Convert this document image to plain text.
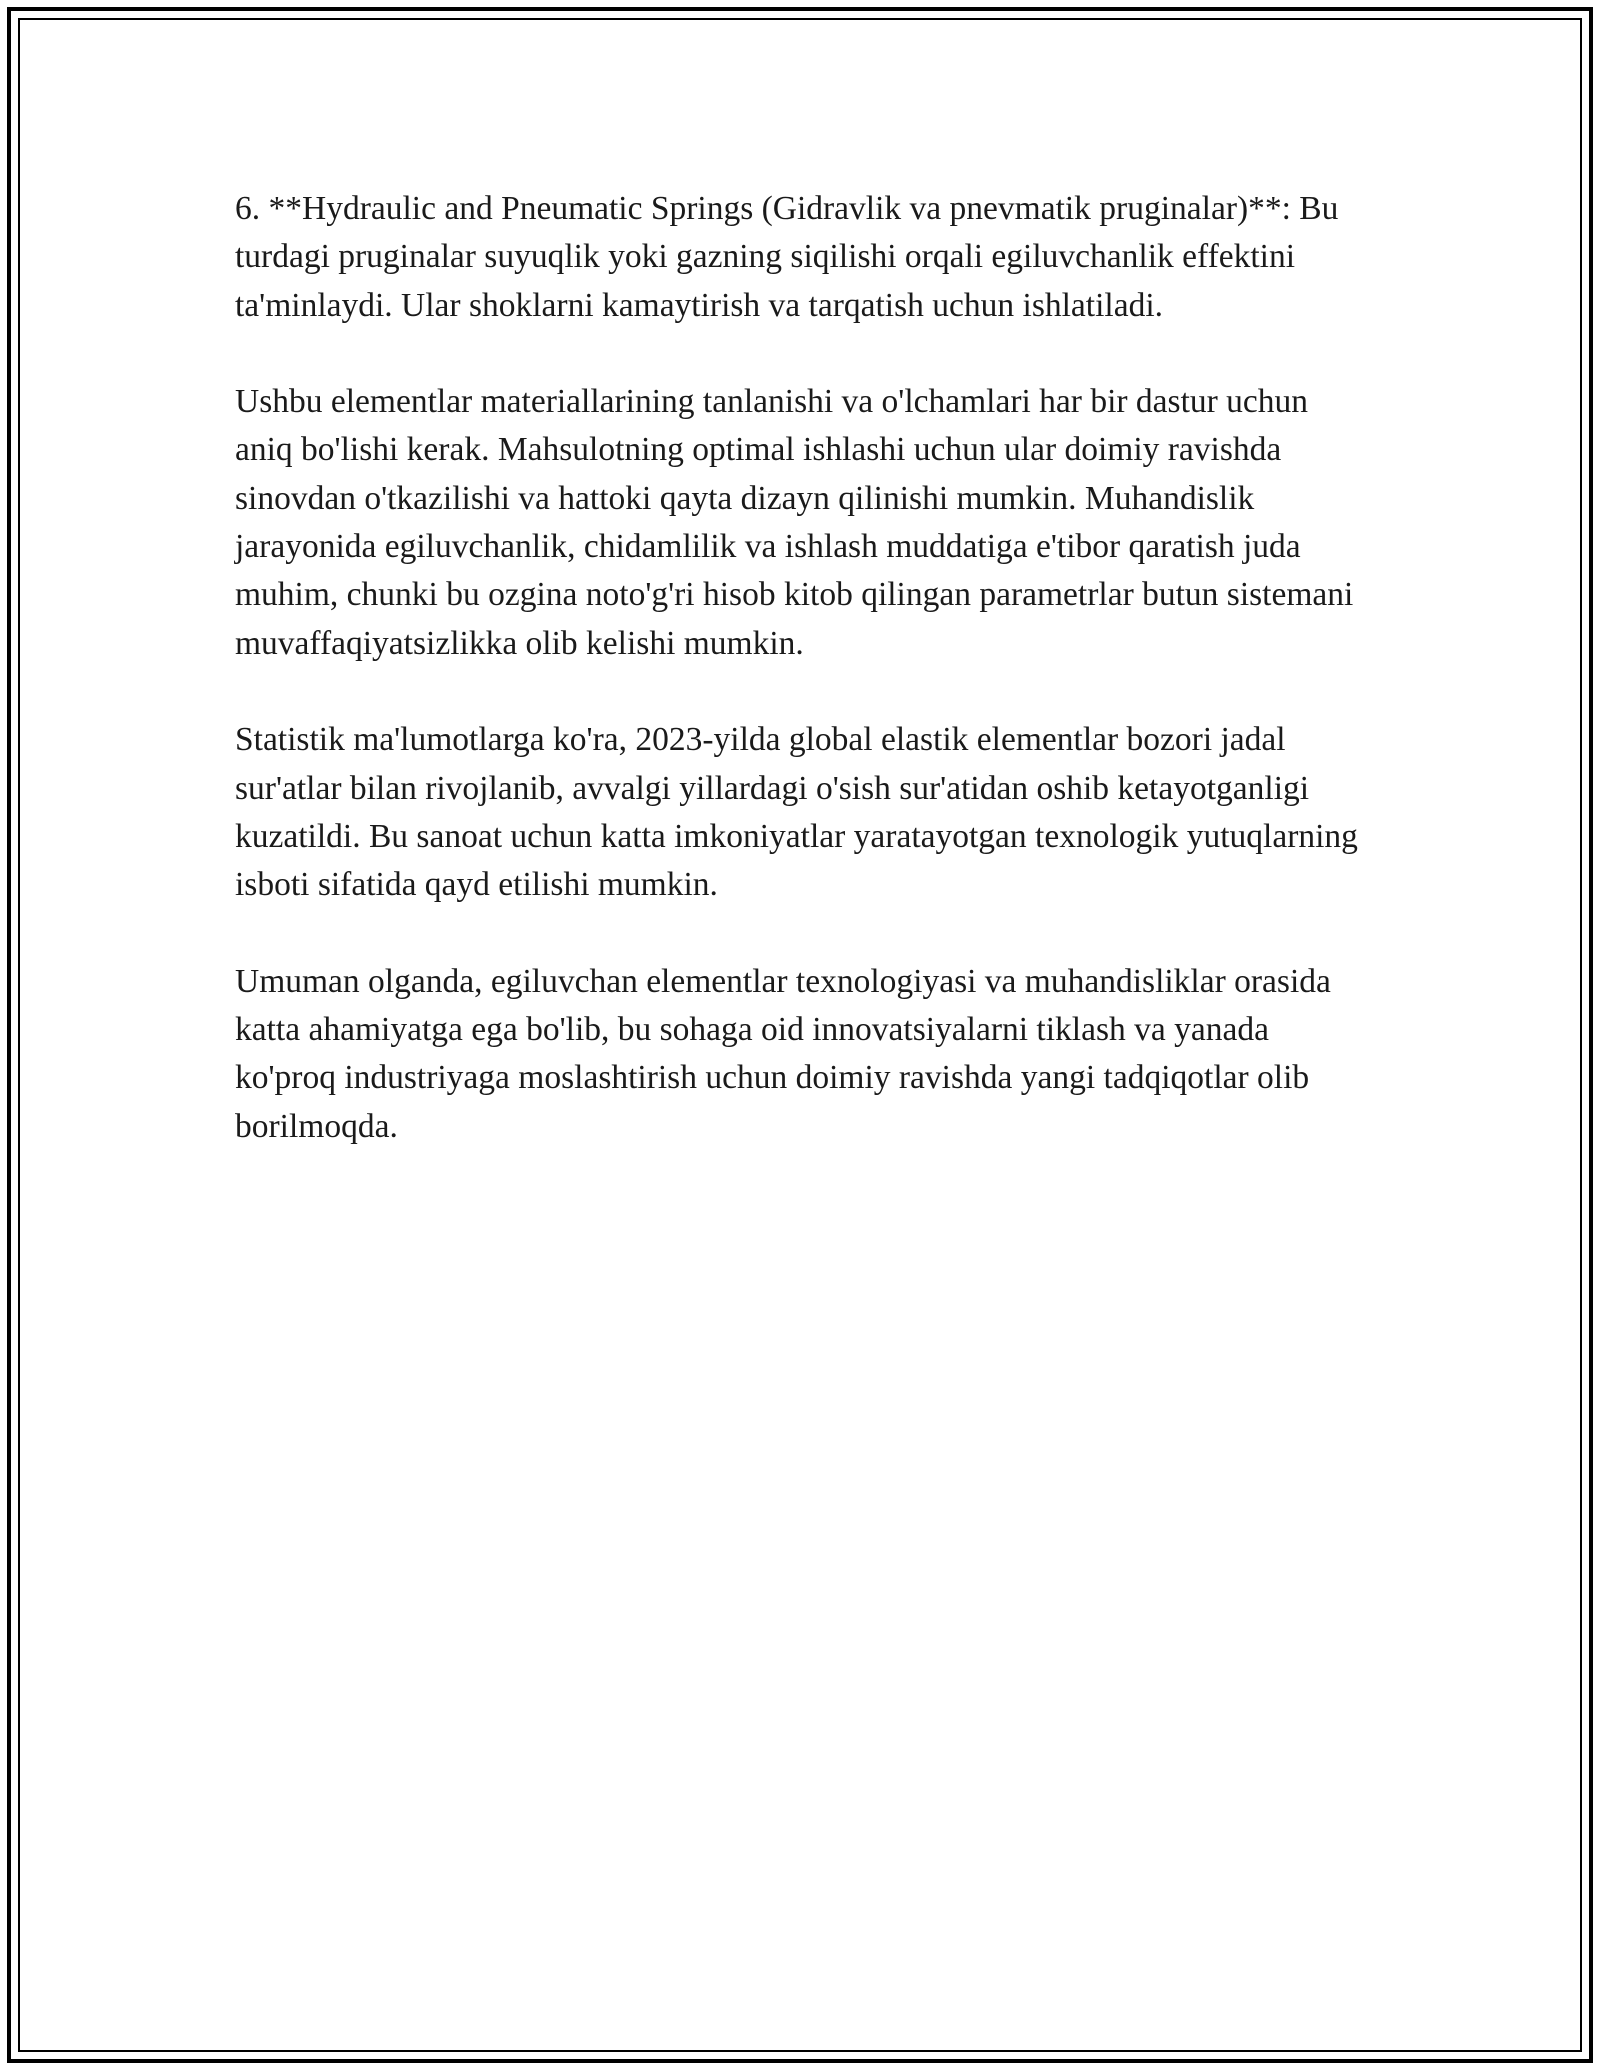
6. **Hydraulic and Pneumatic Springs (Gidravlik va pnevmatik pruginalar)**: Bu turdagi pruginalar suyuqlik yoki gazning siqilishi orqali egiluvchanlik effektini ta'minlaydi. Ular shoklarni kamaytirish va tarqatish uchun ishlatiladi.

Ushbu elementlar materiallarining tanlanishi va o'lchamlari har bir dastur uchun aniq bo'lishi kerak. Mahsulotning optimal ishlashi uchun ular doimiy ravishda sinovdan o'tkazilishi va hattoki qayta dizayn qilinishi mumkin. Muhandislik jarayonida egiluvchanlik, chidamlilik va ishlash muddatiga e'tibor qaratish juda muhim, chunki bu ozgina noto'g'ri hisob kitob qilingan parametrlar butun sistemani muvaffaqiyatsizlikka olib kelishi mumkin.

Statistik ma'lumotlarga ko'ra, 2023-yilda global elastik elementlar bozori jadal sur'atlar bilan rivojlanib, avvalgi yillardagi o'sish sur'atidan oshib ketayotganligi kuzatildi. Bu sanoat uchun katta imkoniyatlar yaratayotgan texnologik yutuqlarning isboti sifatida qayd etilishi mumkin.

Umuman olganda, egiluvchan elementlar texnologiyasi va muhandisliklar orasida katta ahamiyatga ega bo'lib, bu sohaga oid innovatsiyalarni tiklash va yanada ko'proq industriyaga moslashtirish uchun doimiy ravishda yangi tadqiqotlar olib borilmoqda.
